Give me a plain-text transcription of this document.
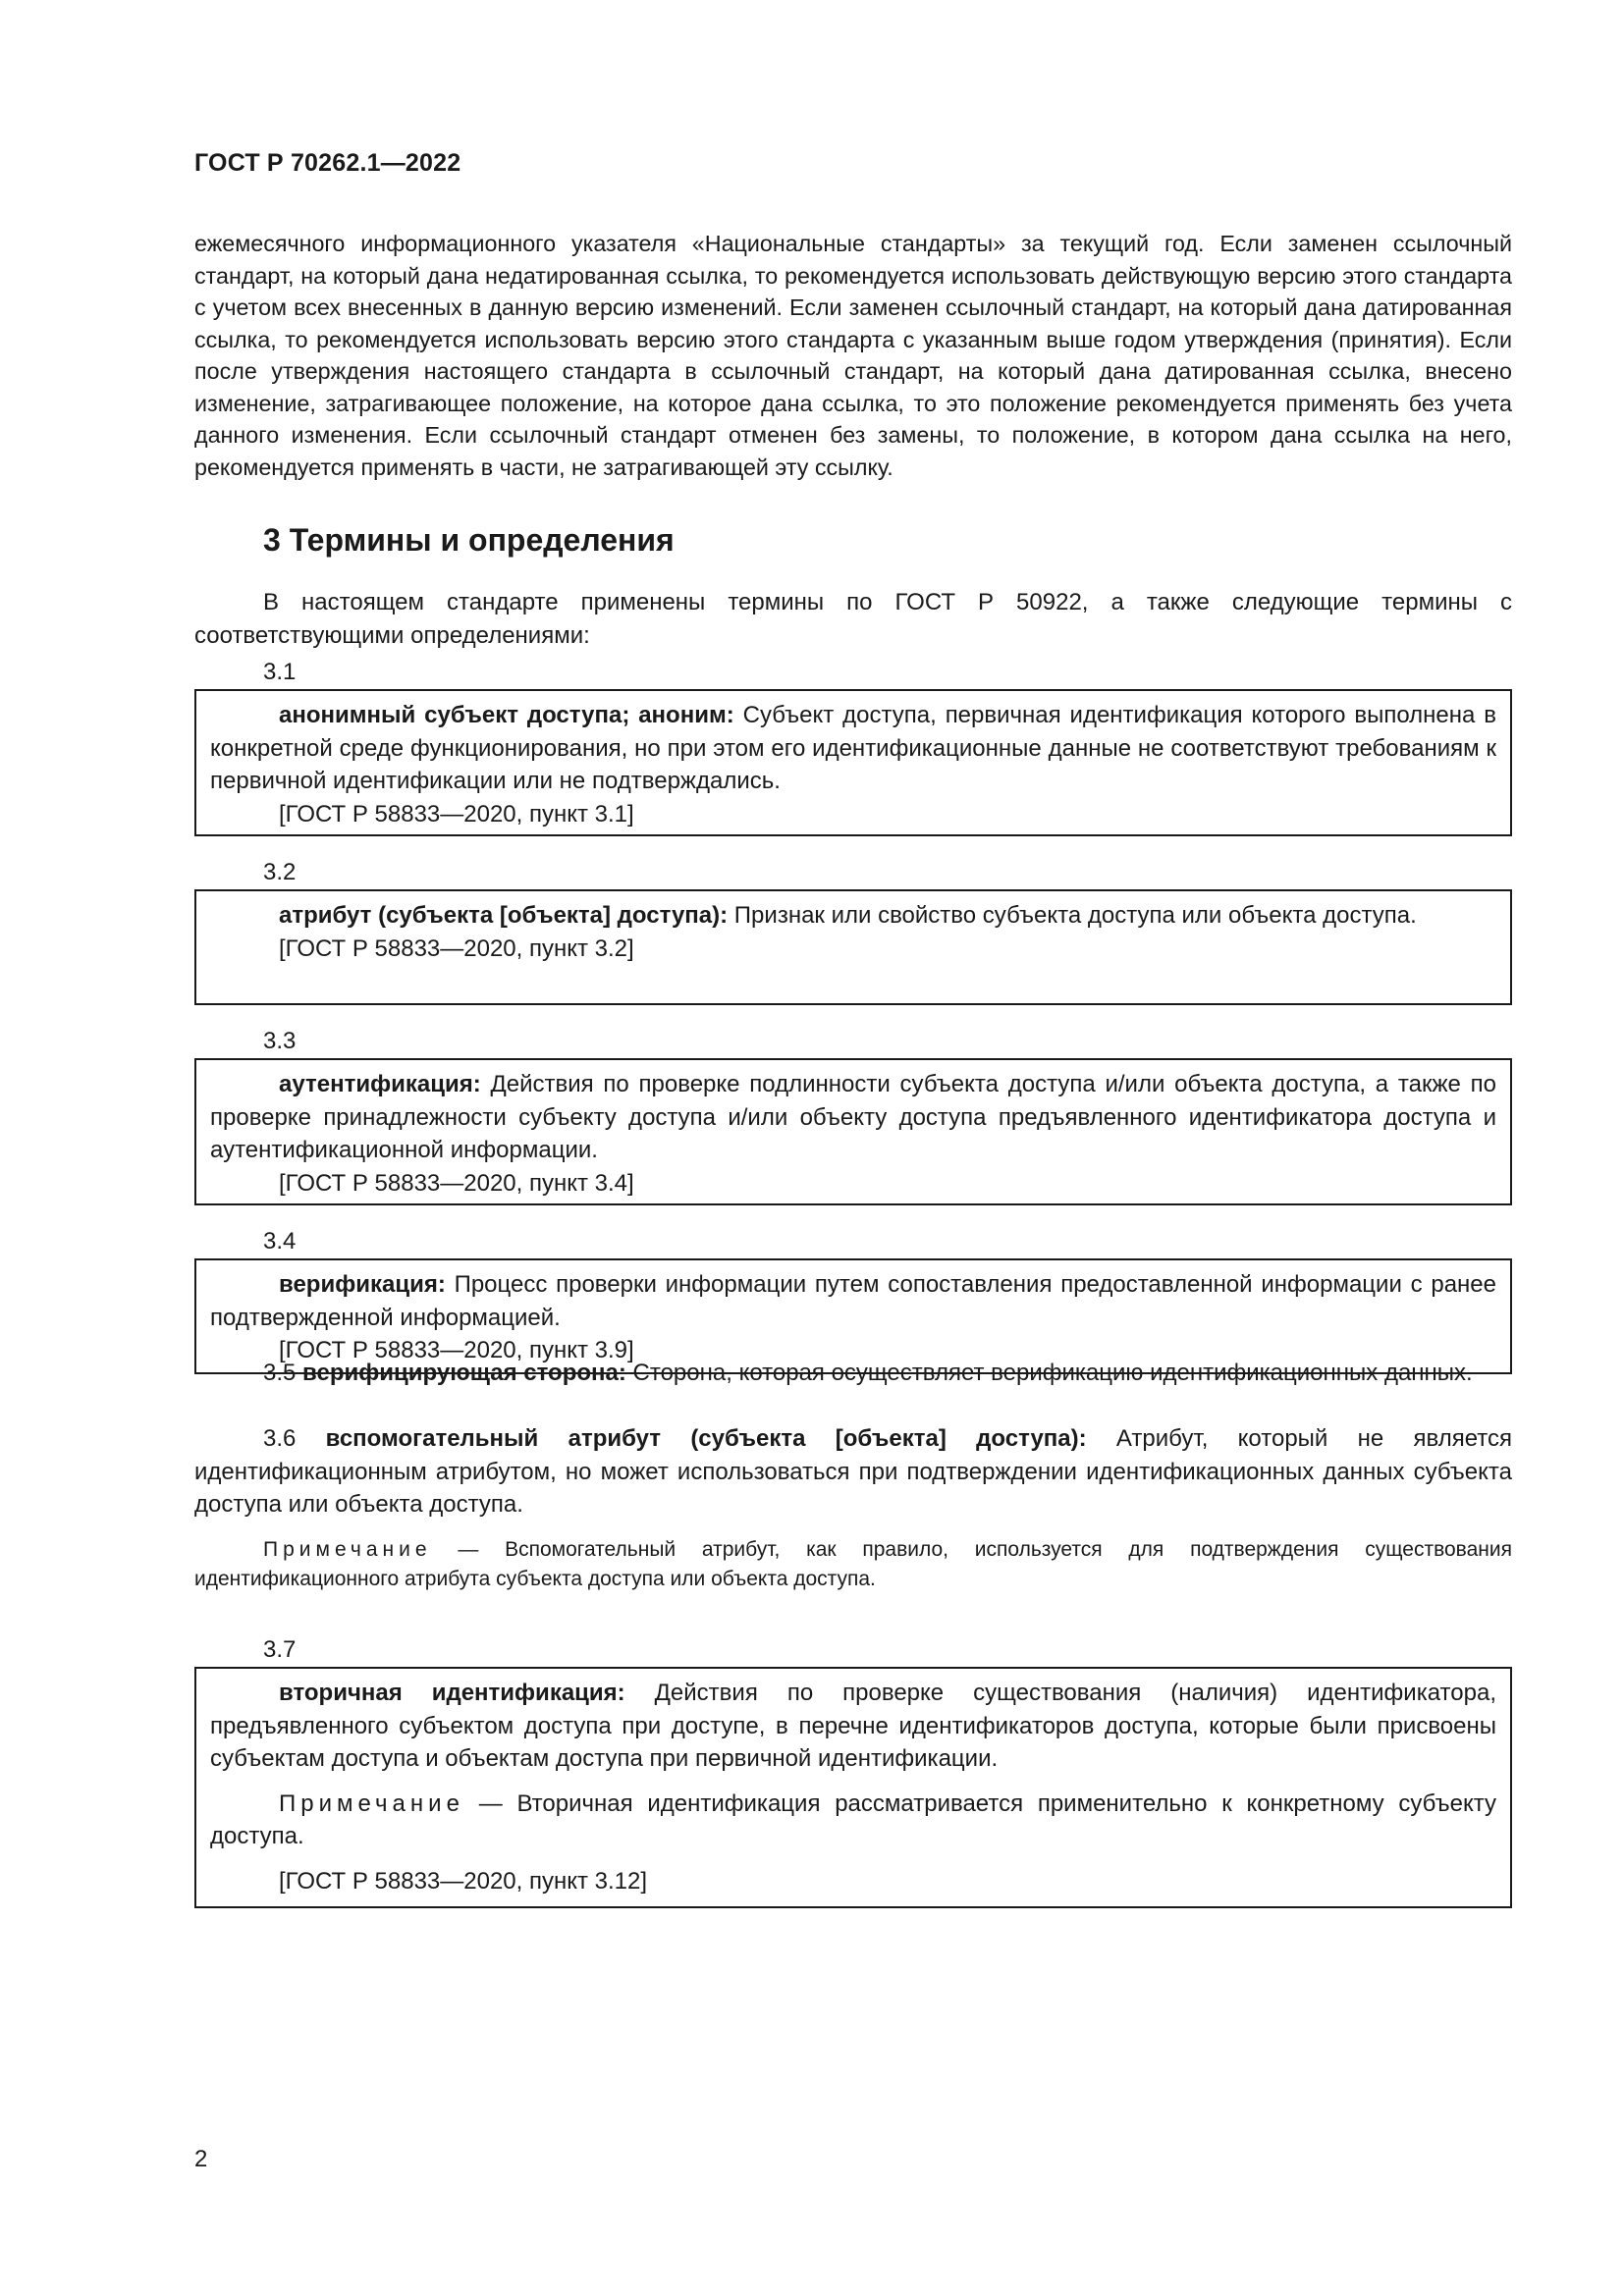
ГОСТ Р 70262.1—2022

ежемесячного информационного указателя «Национальные стандарты» за текущий год. Если заменен ссылочный стандарт, на который дана недатированная ссылка, то рекомендуется использовать действующую версию этого стандарта с учетом всех внесенных в данную версию изменений. Если заменен ссылочный стандарт, на который дана датированная ссылка, то рекомендуется использовать версию этого стандарта с указанным выше годом утверждения (принятия). Если после утверждения настоящего стандарта в ссылочный стандарт, на который дана датированная ссылка, внесено изменение, затрагивающее положение, на которое дана ссылка, то это положение рекомендуется применять без учета данного изменения. Если ссылочный стандарт отменен без замены, то положение, в котором дана ссылка на него, рекомендуется применять в части, не затрагивающей эту ссылку.

3 Термины и определения

В настоящем стандарте применены термины по ГОСТ Р 50922, а также следующие термины с соответствующими определениями:

3.1

анонимный субъект доступа; аноним: Субъект доступа, первичная идентификация которого выполнена в конкретной среде функционирования, но при этом его идентификационные данные не соответствуют требованиям к первичной идентификации или не подтверждались.

[ГОСТ Р 58833—2020, пункт 3.1]

3.2

атрибут (субъекта [объекта] доступа): Признак или свойство субъекта доступа или объекта доступа.

[ГОСТ Р 58833—2020, пункт 3.2]

3.3

аутентификация: Действия по проверке подлинности субъекта доступа и/или объекта доступа, а также по проверке принадлежности субъекту доступа и/или объекту доступа предъявленного идентификатора доступа и аутентификационной информации.

[ГОСТ Р 58833—2020, пункт 3.4]

3.4

верификация: Процесс проверки информации путем сопоставления предоставленной информации с ранее подтвержденной информацией.

[ГОСТ Р 58833—2020, пункт 3.9]

3.5 верифицирующая сторона: Сторона, которая осуществляет верификацию идентификационных данных.

3.6 вспомогательный атрибут (субъекта [объекта] доступа): Атрибут, который не является идентификационным атрибутом, но может использоваться при подтверждении идентификационных данных субъекта доступа или объекта доступа.

Примечание — Вспомогательный атрибут, как правило, используется для подтверждения существования идентификационного атрибута субъекта доступа или объекта доступа.

3.7

вторичная идентификация: Действия по проверке существования (наличия) идентификатора, предъявленного субъектом доступа при доступе, в перечне идентификаторов доступа, которые были присвоены субъектам доступа и объектам доступа при первичной идентификации.

Примечание — Вторичная идентификация рассматривается применительно к конкретному субъекту доступа.

[ГОСТ Р 58833—2020, пункт 3.12]

2
